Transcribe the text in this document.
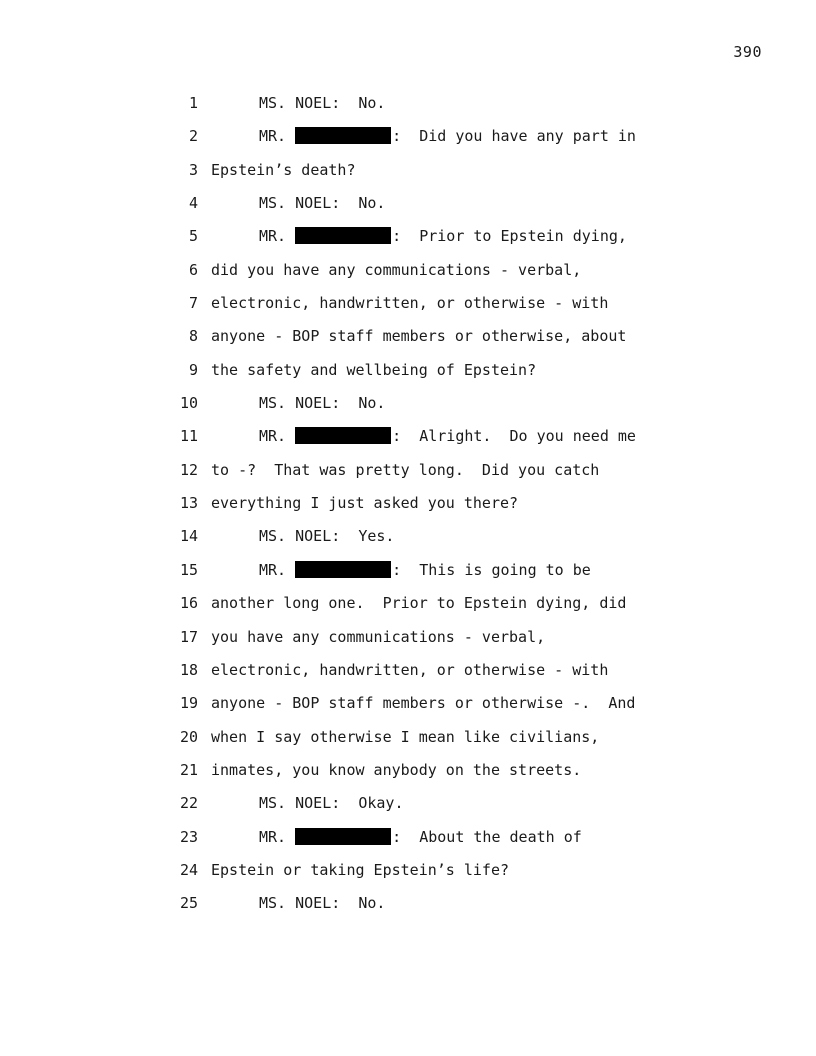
390
1	MS. NOEL:  No.
2	MR.	:  Did you have any part in
3 Epstein’s death?
4	MS. NOEL:  No.
5	MR.	:  Prior to Epstein dying,
6 did you have any communications - verbal,
7 electronic, handwritten, or otherwise - with
8 anyone - BOP staff members or otherwise, about
9 the safety and wellbeing of Epstein?
10	MS. NOEL:  No.
11	MR.	:  Alright.  Do you need me
12 to -?  That was pretty long.  Did you catch
13 everything I just asked you there?
14	MS. NOEL:  Yes.
15	MR.	:  This is going to be
16 another long one.  Prior to Epstein dying, did
17 you have any communications - verbal,
18 electronic, handwritten, or otherwise - with
19 anyone - BOP staff members or otherwise -.  And
20 when I say otherwise I mean like civilians,
21 inmates, you know anybody on the streets.
22	MS. NOEL:  Okay.
23	MR.	:  About the death of
24 Epstein or taking Epstein’s life?
25	MS. NOEL:  No.
